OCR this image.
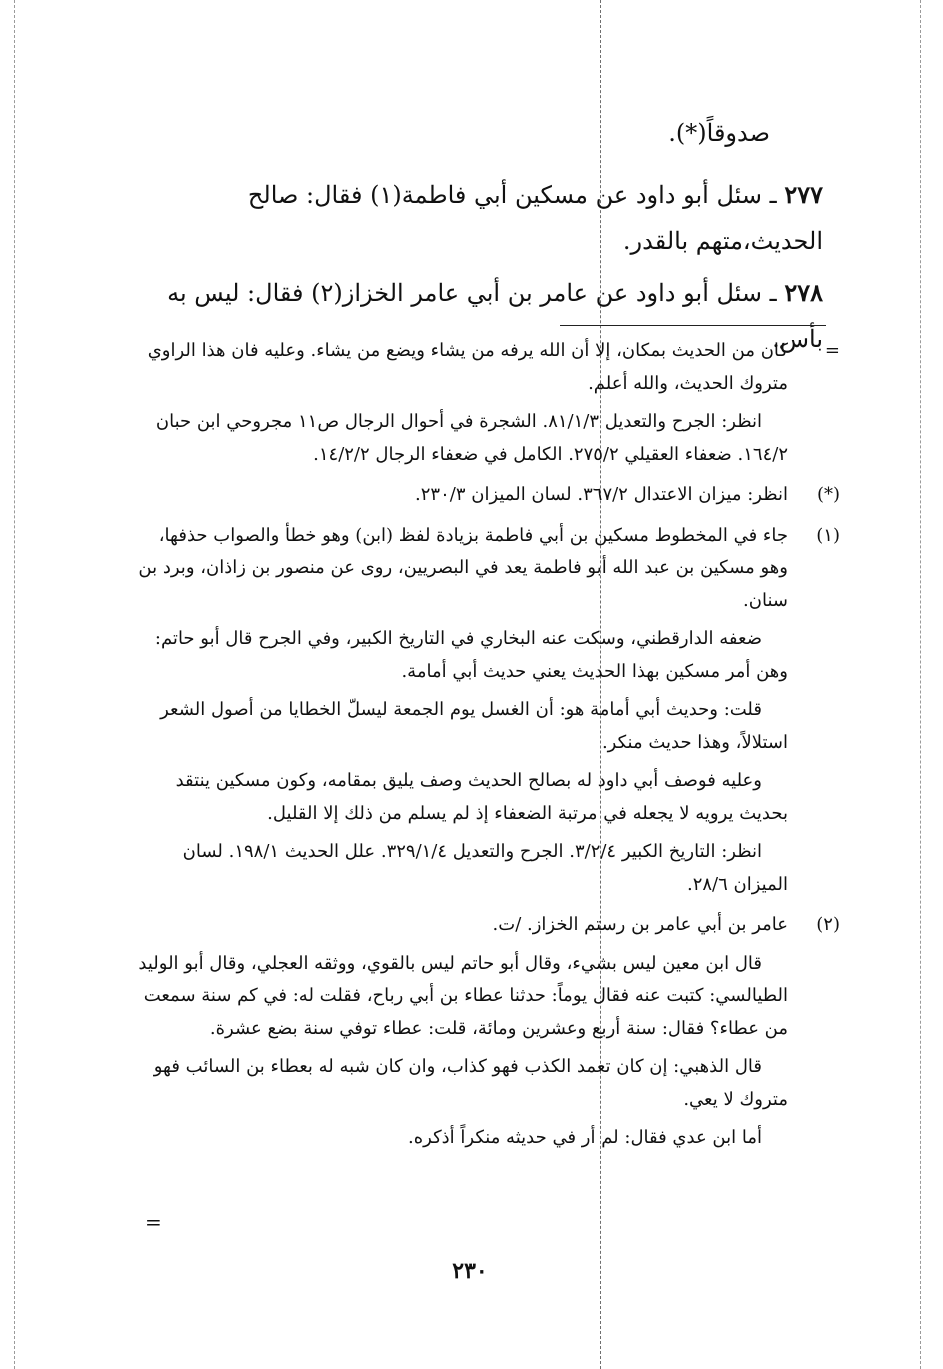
صدوقاً(*).
٢٧٧ ـ سئل أبو داود عن مسكين أبي فاطمة(١) فقال: صالح الحديث،متهم بالقدر.
٢٧٨ ـ سئل أبو داود عن عامر بن أبي عامر الخزاز(٢) فقال: ليس به بأس. =

كان من الحديث بمكان، إلا أن الله يرفه من يشاء ويضع من يشاء. وعليه فان هذا الراوي متروك الحديث، والله أعلم.

انظر: الجرح والتعديل ٨١/١/٣. الشجرة في أحوال الرجال ص١١ مجروحي ابن حبان ١٦٤/٢. ضعفاء العقيلي ٢٧٥/٢. الكامل في ضعفاء الرجال ١٤/٢/٢.

(*)

انظر: ميزان الاعتدال ٣٦٧/٢. لسان الميزان ٢٣٠/٣.

(١)

جاء في المخطوط مسكين بن أبي فاطمة بزيادة لفظ (ابن) وهو خطأ والصواب حذفها، وهو مسكين بن عبد الله أبو فاطمة يعد في البصريين، روى عن منصور بن زاذان، وبرد بن سنان.

ضعفه الدارقطني، وسكت عنه البخاري في التاريخ الكبير، وفي الجرح قال أبو حاتم: وهن أمر مسكين بهذا الحديث يعني حديث أبي أمامة.

قلت: وحديث أبي أمامة هو: أن الغسل يوم الجمعة ليسلّ الخطايا من أصول الشعر استلالاً، وهذا حديث منكر.

وعليه فوصف أبي داود له بصالح الحديث وصف يليق بمقامه، وكون مسكين ينتقد بحديث يرويه لا يجعله في مرتبة الضعفاء إذ لم يسلم من ذلك إلا القليل.

انظر: التاريخ الكبير ٣/٢/٤. الجرح والتعديل ٣٢٩/١/٤. علل الحديث ١٩٨/١. لسان الميزان ٢٨/٦.

(٢)

عامر بن أبي عامر بن رستم الخزاز. /ت.

قال ابن معين ليس بشيء، وقال أبو حاتم ليس بالقوي، ووثقه العجلي، وقال أبو الوليد الطيالسي: كتبت عنه فقال يوماً: حدثنا عطاء بن أبي رباح، فقلت له: في كم سنة سمعت من عطاء؟ فقال: سنة أربع وعشرين ومائة، قلت: عطاء توفي سنة بضع عشرة.

قال الذهبي: إن كان تعمد الكذب فهو كذاب، وان كان شبه له بعطاء بن السائب فهو متروك لا يعي.

أما ابن عدي فقال: لم أر في حديثه منكراً أذكره.

=
٢٣٠
